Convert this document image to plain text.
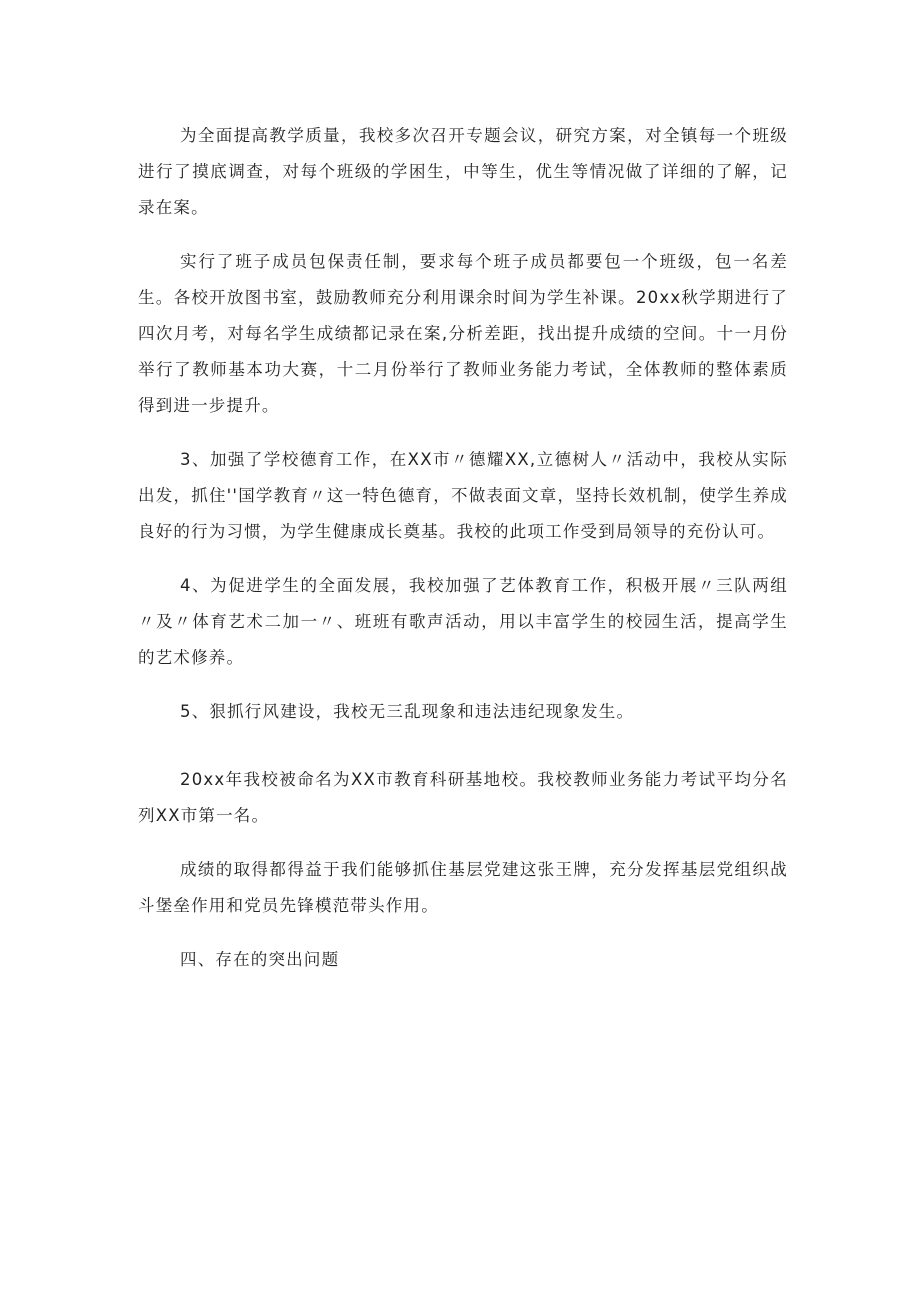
为全面提高教学质量，我校多次召开专题会议，研究方案，对全镇每一个班级进行了摸底调查，对每个班级的学困生，中等生，优生等情况做了详细的了解，记录在案。

实行了班子成员包保责任制，要求每个班子成员都要包一个班级，包一名差生。各校开放图书室，鼓励教师充分利用课余时间为学生补课。20xx秋学期进行了四次月考，对每名学生成绩都记录在案,分析差距，找出提升成绩的空间。十一月份举行了教师基本功大赛，十二月份举行了教师业务能力考试，全体教师的整体素质得到进一步提升。

3、加强了学校德育工作，在XX市〃德耀XX,立德树人〃活动中，我校从实际出发，抓住''国学教育〃这一特色德育，不做表面文章，坚持长效机制，使学生养成良好的行为习惯，为学生健康成长奠基。我校的此项工作受到局领导的充份认可。

4、为促进学生的全面发展，我校加强了艺体教育工作，积极开展〃三队两组〃及〃体育艺术二加一〃、班班有歌声活动，用以丰富学生的校园生活，提高学生的艺术修养。

5、狠抓行风建设，我校无三乱现象和违法违纪现象发生。

20xx年我校被命名为XX市教育科研基地校。我校教师业务能力考试平均分名列XX市第一名。

成绩的取得都得益于我们能够抓住基层党建这张王牌，充分发挥基层党组织战斗堡垒作用和党员先锋模范带头作用。

四、存在的突出问题
